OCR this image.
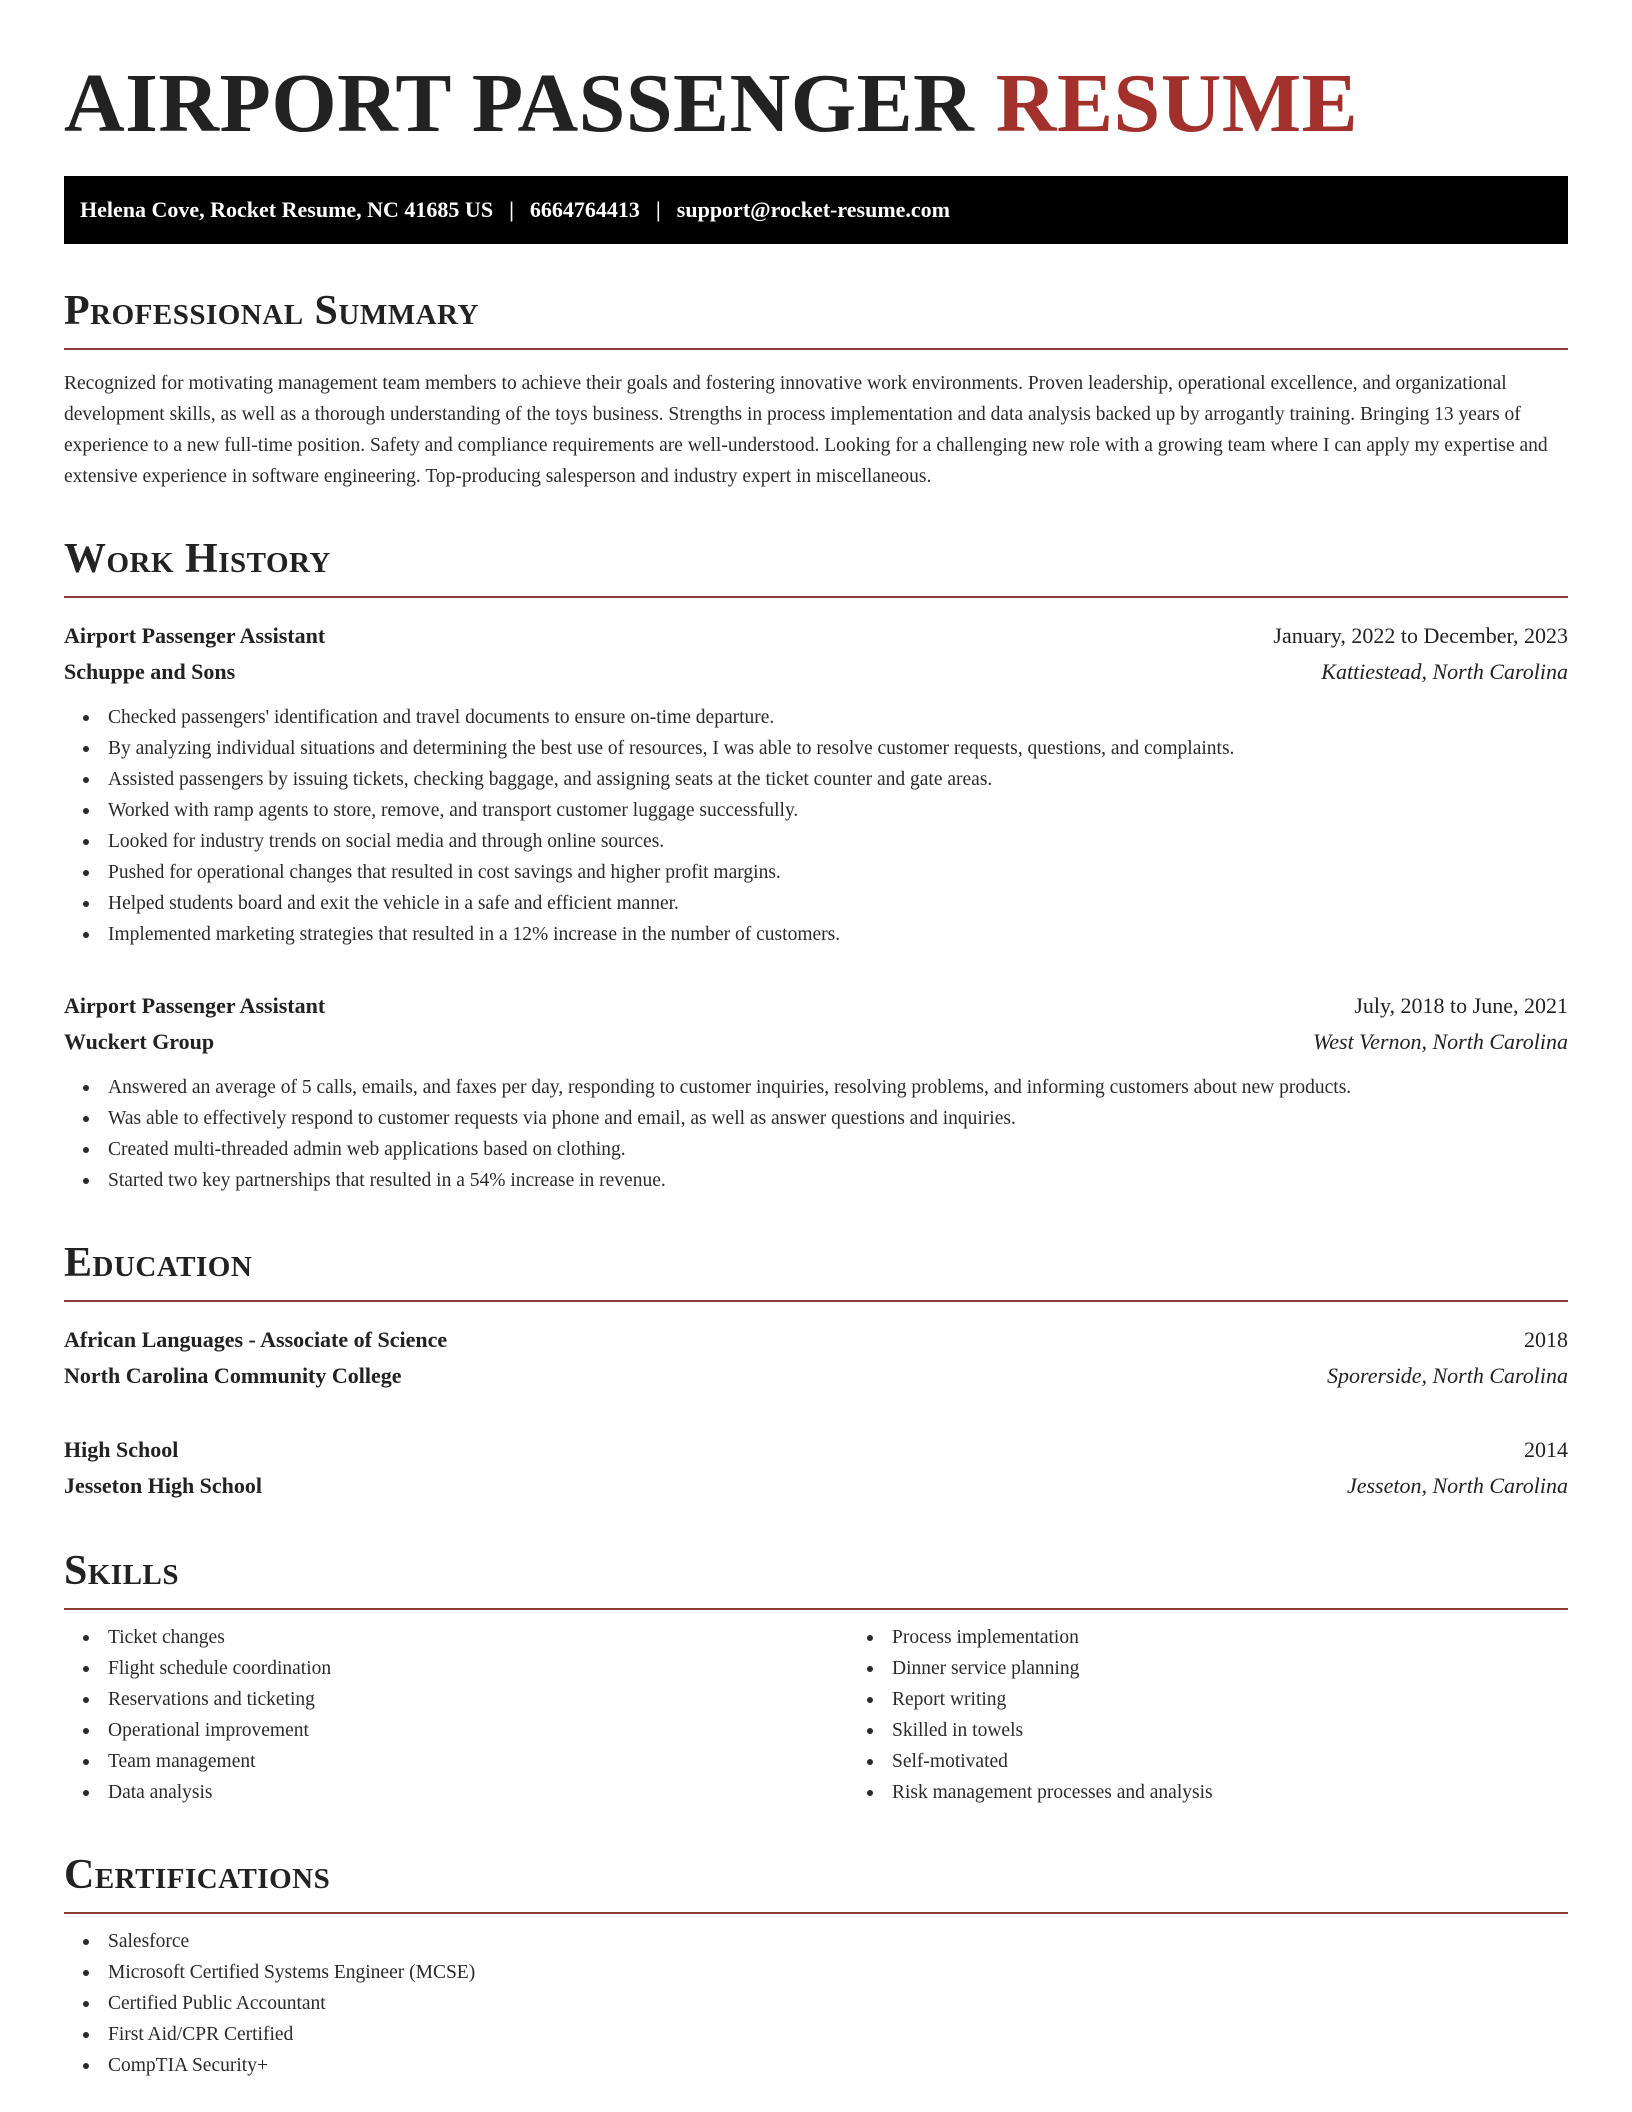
AIRPORT PASSENGER RESUME
Helena Cove, Rocket Resume, NC 41685 US | 6664764413 | support@rocket-resume.com
Professional Summary

Recognized for motivating management team members to achieve their goals and fostering innovative work environments. Proven leadership, operational excellence, and organizational development skills, as well as a thorough understanding of the toys business. Strengths in process implementation and data analysis backed up by arrogantly training. Bringing 13 years of experience to a new full-time position. Safety and compliance requirements are well-understood. Looking for a challenging new role with a growing team where I can apply my expertise and extensive experience in software engineering. Top-producing salesperson and industry expert in miscellaneous.

Work History
Airport Passenger Assistant	January, 2022 to December, 2023
Schuppe and Sons	Kattiestead, North Carolina
Checked passengers' identification and travel documents to ensure on-time departure.
By analyzing individual situations and determining the best use of resources, I was able to resolve customer requests, questions, and complaints.
Assisted passengers by issuing tickets, checking baggage, and assigning seats at the ticket counter and gate areas.
Worked with ramp agents to store, remove, and transport customer luggage successfully.
Looked for industry trends on social media and through online sources.
Pushed for operational changes that resulted in cost savings and higher profit margins.
Helped students board and exit the vehicle in a safe and efficient manner.
Implemented marketing strategies that resulted in a 12% increase in the number of customers.
Airport Passenger Assistant	July, 2018 to June, 2021
Wuckert Group	West Vernon, North Carolina
Answered an average of 5 calls, emails, and faxes per day, responding to customer inquiries, resolving problems, and informing customers about new products.
Was able to effectively respond to customer requests via phone and email, as well as answer questions and inquiries.
Created multi-threaded admin web applications based on clothing.
Started two key partnerships that resulted in a 54% increase in revenue.
Education
African Languages - Associate of Science	2018
North Carolina Community College	Sporerside, North Carolina
High School	2014
Jesseton High School	Jesseton, North Carolina
Skills
Ticket changes
Flight schedule coordination
Reservations and ticketing
Operational improvement
Team management
Data analysis
Process implementation
Dinner service planning
Report writing
Skilled in towels
Self-motivated
Risk management processes and analysis
Certifications
Salesforce
Microsoft Certified Systems Engineer (MCSE)
Certified Public Accountant
First Aid/CPR Certified
CompTIA Security+
